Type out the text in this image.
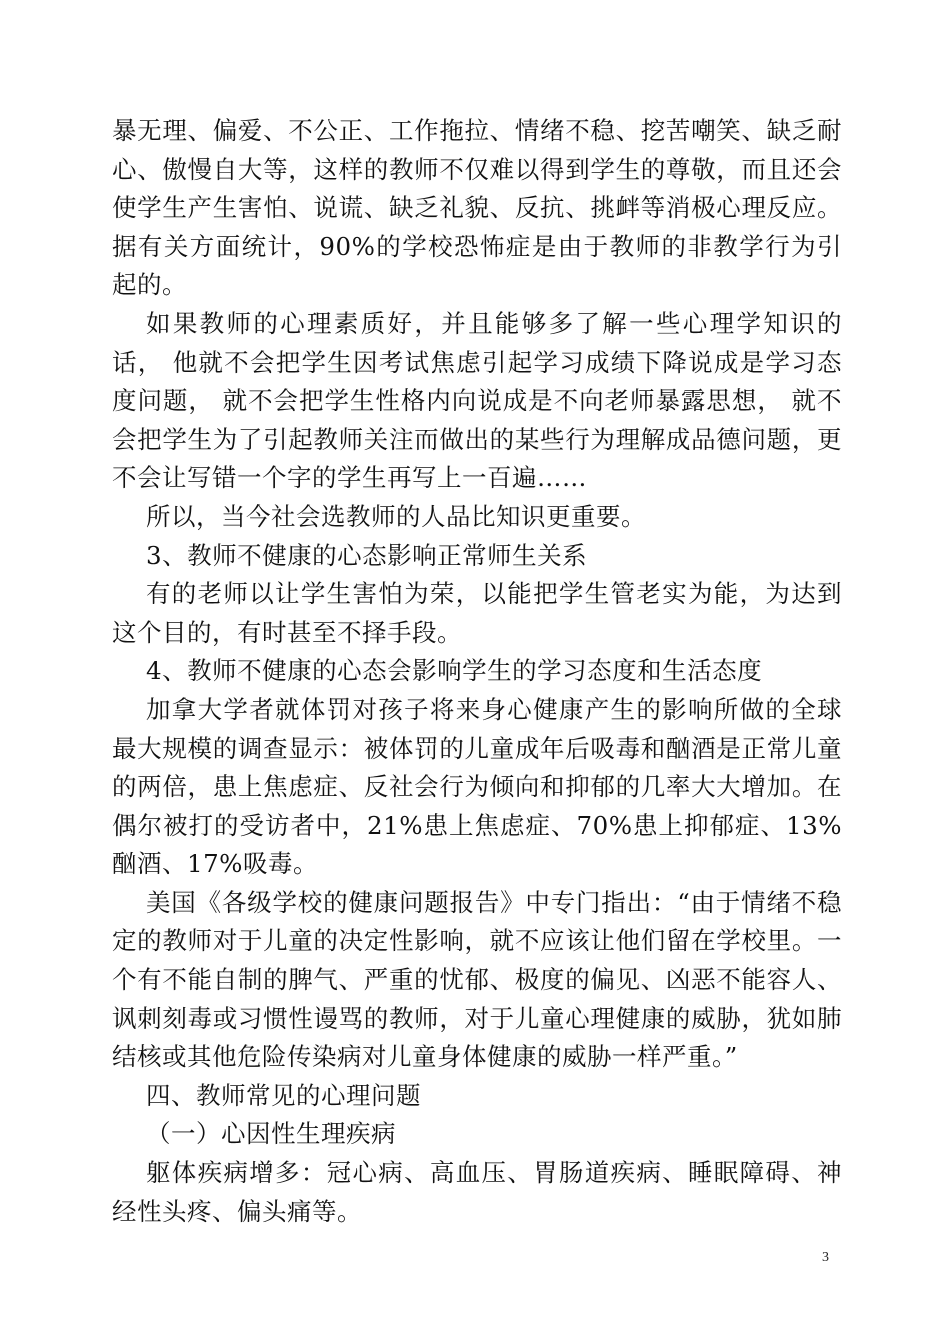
暴无理、偏爱、不公正、工作拖拉、情绪不稳、挖苦嘲笑、缺乏耐心、傲慢自大等，这样的教师不仅难以得到学生的尊敬，而且还会使学生产生害怕、说谎、缺乏礼貌、反抗、挑衅等消极心理反应。据有关方面统计，90%的学校恐怖症是由于教师的非教学行为引起的。

如果教师的心理素质好，并且能够多了解一些心理学知识的话， 他就不会把学生因考试焦虑引起学习成绩下降说成是学习态度问题， 就不会把学生性格内向说成是不向老师暴露思想， 就不会把学生为了引起教师关注而做出的某些行为理解成品德问题，更不会让写错一个字的学生再写上一百遍……

所以，当今社会选教师的人品比知识更重要。

3、教师不健康的心态影响正常师生关系

有的老师以让学生害怕为荣，以能把学生管老实为能，为达到这个目的，有时甚至不择手段。

4、教师不健康的心态会影响学生的学习态度和生活态度

加拿大学者就体罚对孩子将来身心健康产生的影响所做的全球最大规模的调查显示：被体罚的儿童成年后吸毒和酗酒是正常儿童的两倍，患上焦虑症、反社会行为倾向和抑郁的几率大大增加。在偶尔被打的受访者中，21%患上焦虑症、70%患上抑郁症、13%酗酒、17%吸毒。

美国《各级学校的健康问题报告》中专门指出：“由于情绪不稳定的教师对于儿童的决定性影响，就不应该让他们留在学校里。一个有不能自制的脾气、严重的忧郁、极度的偏见、凶恶不能容人、讽刺刻毒或习惯性谩骂的教师，对于儿童心理健康的威胁，犹如肺结核或其他危险传染病对儿童身体健康的威胁一样严重。”

四、教师常见的心理问题

（一）心因性生理疾病

躯体疾病增多：冠心病、高血压、胃肠道疾病、睡眠障碍、神经性头疼、偏头痛等。

3
